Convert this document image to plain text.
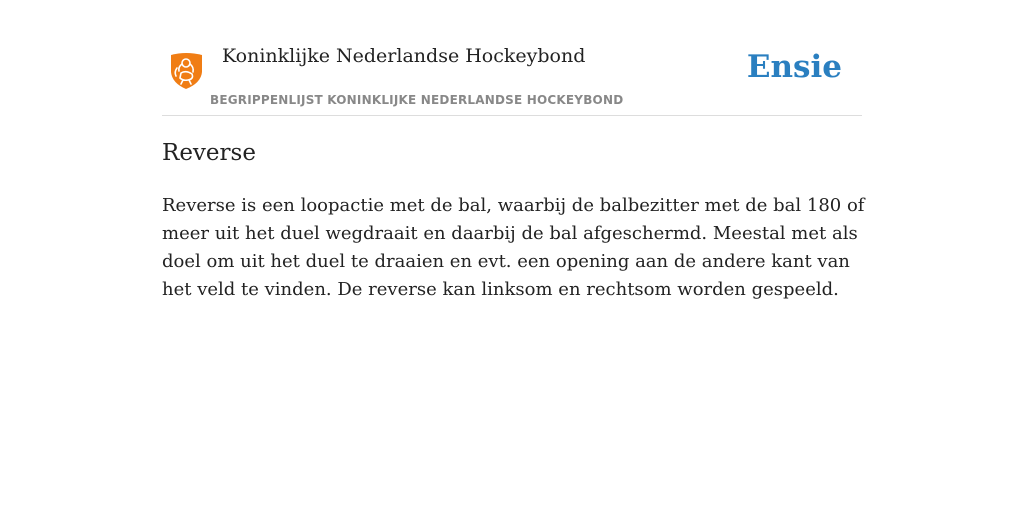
Koninklijke Nederlandse Hockeybond
BEGRIPPENLIJST KONINKLIJKE NEDERLANDSE HOCKEYBOND
Ensie
Reverse

Reverse is een loopactie met de bal, waarbij de balbezitter met de bal 180 of meer uit het duel wegdraait en daarbij de bal afgeschermd. Meestal met als doel om uit het duel te draaien en evt. een opening aan de andere kant van het veld te vinden. De reverse kan linksom en rechtsom worden gespeeld.
